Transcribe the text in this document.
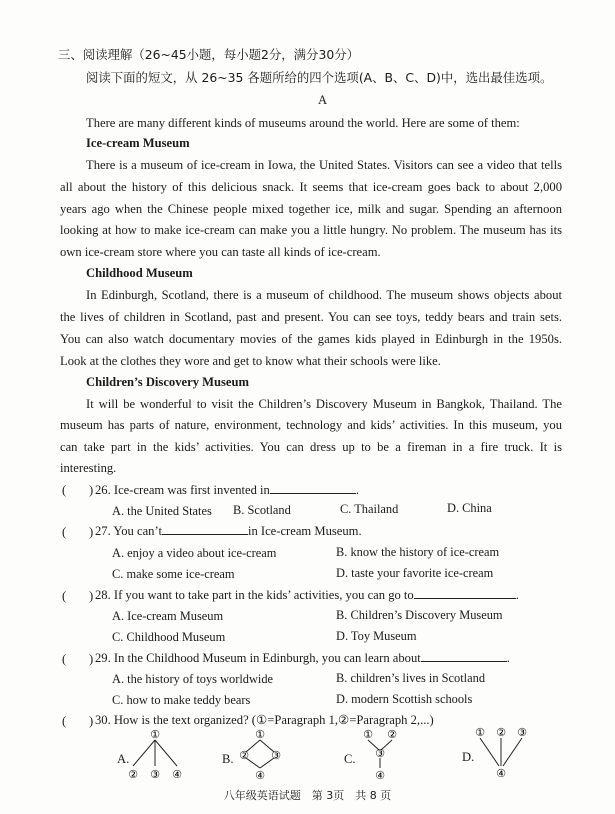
三、阅读理解（26~45小题，每小题2分，满分30分）
阅读下面的短文，从 26~35 各题所给的四个选项(A、B、C、D)中，选出最佳选项。
A
There are many different kinds of museums around the world. Here are some of them:
Ice-cream Museum
There is a museum of ice-cream in Iowa, the United States. Visitors can see a video that tells
all about the history of this delicious snack. It seems that ice-cream goes back to about 2,000
years ago when the Chinese people mixed together ice, milk and sugar. Spending an afternoon
looking at how to make ice-cream can make you a little hungry. No problem. The museum has its
own ice-cream store where you can taste all kinds of ice-cream.
Childhood Museum
In Edinburgh, Scotland, there is a museum of childhood. The museum shows objects about
the lives of children in Scotland, past and present. You can see toys, teddy bears and train sets.
You can also watch documentary movies of the games kids played in Edinburgh in the 1950s.
Look at the clothes they wore and get to know what their schools were like.
Children’s Discovery Museum
It will be wonderful to visit the Children’s Discovery Museum in Bangkok, Thailand. The
museum has parts of nature, environment, technology and kids’ activities. In this museum, you
can take part in the kids’ activities. You can dress up to be a fireman in a fire truck. It is
interesting.
( ) 26. Ice-cream was first invented in	.
A. the United States B. Scotland	C. Thailand	D. China
( ) 27. You can’t	in Ice-cream Museum.
A. enjoy a video about ice-cream	B. know the history of ice-cream
C. make some ice-cream	D. taste your favorite ice-cream
( ) 28. If you want to take part in the kids’ activities, you can go to	.
A. Ice-cream Museum	B. Children’s Discovery Museum
C. Childhood Museum	D. Toy Museum
( ) 29. In the Childhood Museum in Edinburgh, you can learn about	.
A. the history of toys worldwide	B. children’s lives in Scotland
C. how to make teddy bears	D. modern Scottish schools
( ) 30. How is the text organized? (①=Paragraph 1,②=Paragraph 2,...)
A.
①
② ③ ④
B.
①
② ③
④
C.
① ②
③
④
D.
① ② ③
④
八年级英语试题　第 3页　共 8 页
